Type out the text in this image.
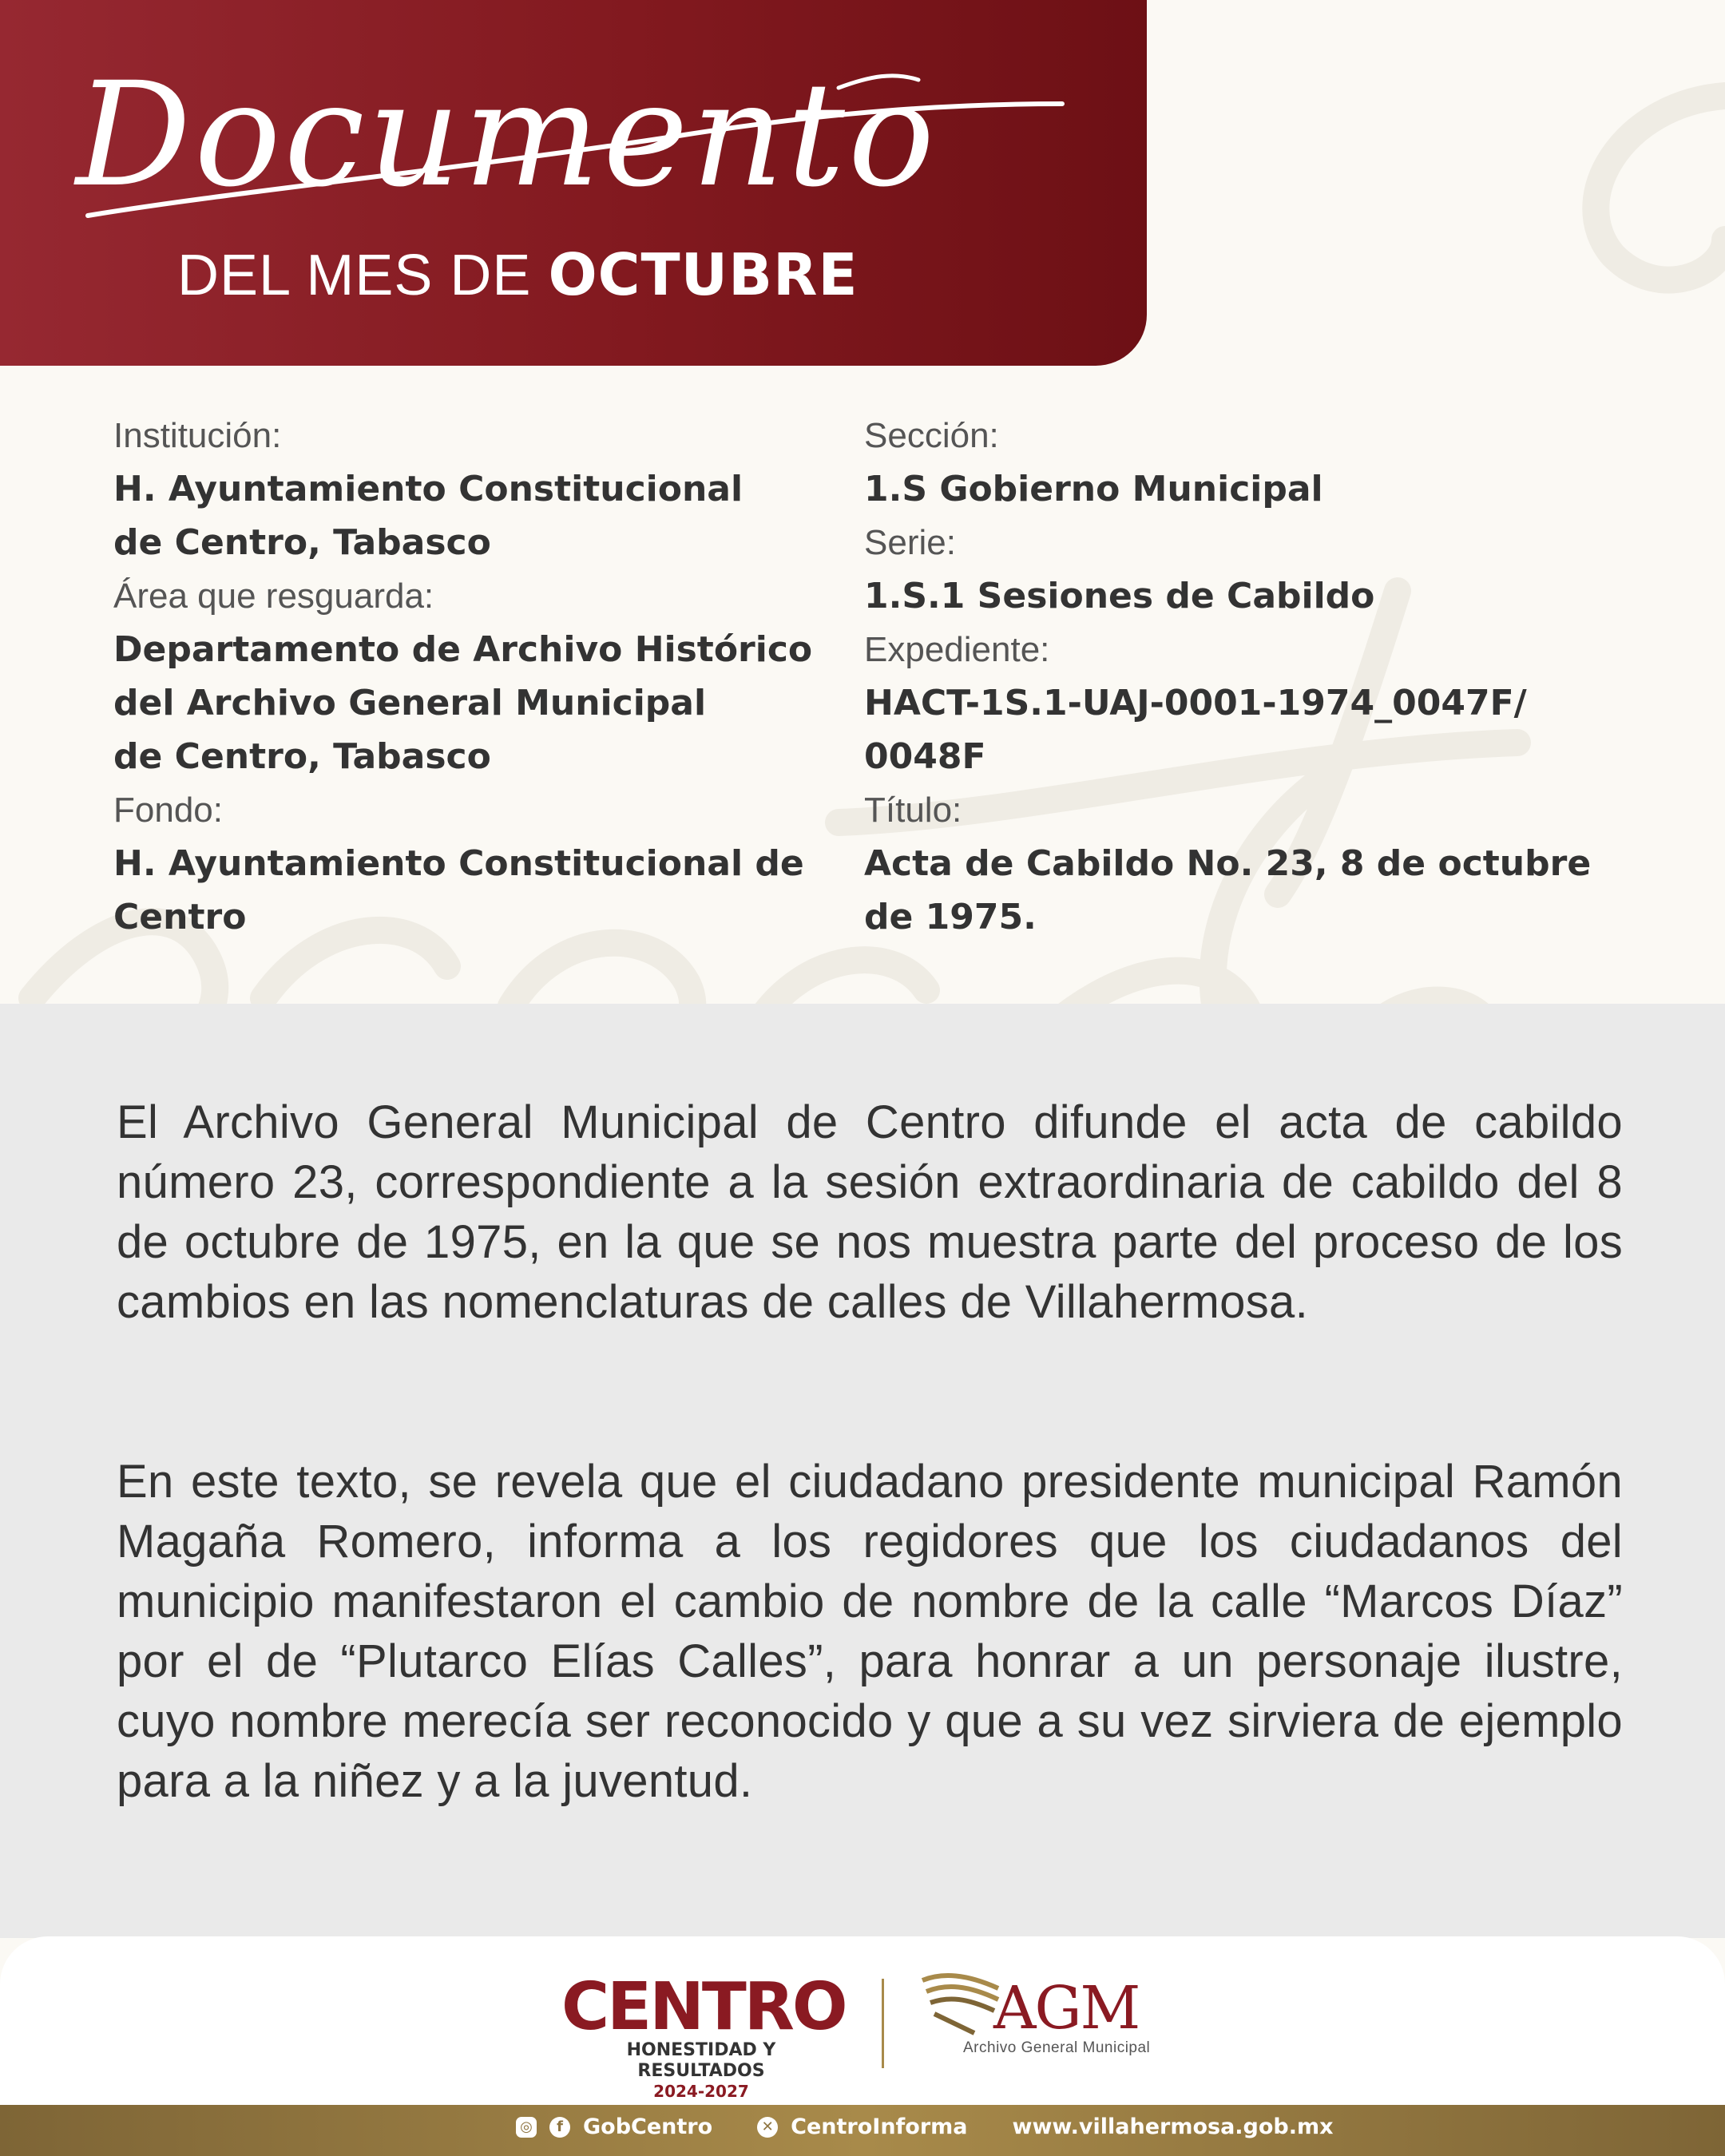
Documento
DEL MES DE OCTUBRE
Institución:
H. Ayuntamiento Constitucional
de Centro, Tabasco
Área que resguarda:
Departamento de Archivo Histórico
del Archivo General Municipal
de Centro, Tabasco
Fondo:
H. Ayuntamiento Constitucional de
Centro
Sección:
1.S Gobierno Municipal
Serie:
1.S.1 Sesiones de Cabildo
Expediente:
HACT-1S.1-UAJ-0001-1974_0047F/
0048F
Título:
Acta de Cabildo No. 23, 8 de octubre
de 1975.

El Archivo General Municipal de Centro difunde el acta de cabildo número 23, correspondiente a la sesión extraordinaria de cabildo del 8 de octubre de 1975, en la que se nos muestra parte del proceso de los cambios en las nomenclaturas de calles de Villahermosa.

En este texto, se revela que el ciudadano presidente municipal Ramón Magaña Romero, informa a los regidores que los ciudadanos del municipio manifestaron el cambio de nombre de la calle “Marcos Díaz” por el de “Plutarco Elías Calles”, para honrar a un personaje ilustre, cuyo nombre merecía ser reconocido y que a su vez sirviera de ejemplo para a la niñez y a la juventud.

CENTRO
HONESTIDAD Y RESULTADOS
2024-2027
AGM
Archivo General Municipal
◎	f GobCentro	✕ CentroInforma www.villahermosa.gob.mx
